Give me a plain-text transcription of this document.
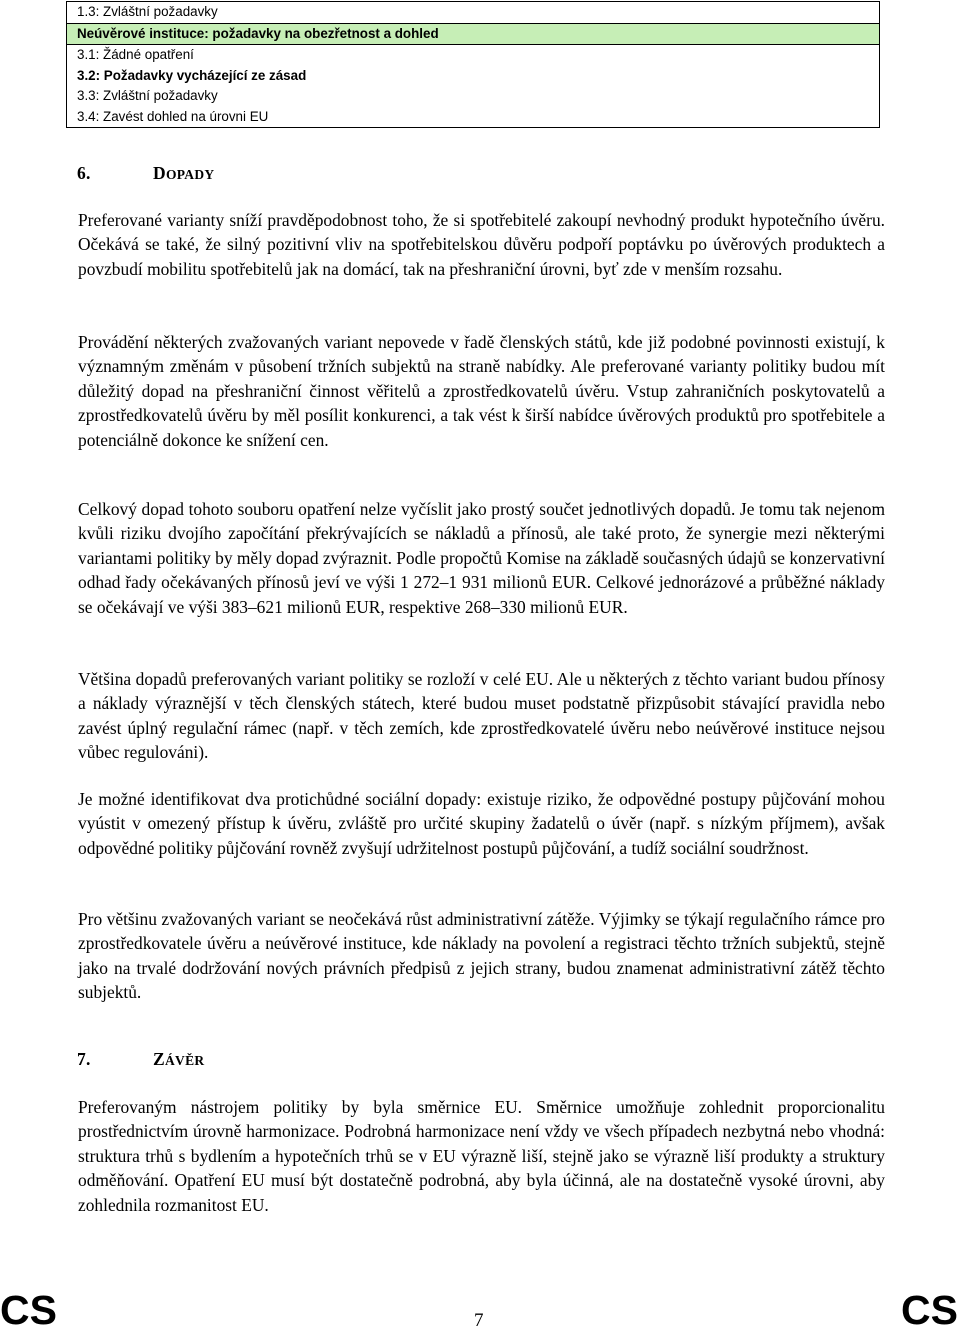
1.3: Zvláštní požadavky
Neúvěrové instituce: požadavky na obezřetnost a dohled
3.1: Žádné opatření
3.2: Požadavky vycházející ze zásad
3.3: Zvláštní požadavky
3.4: Zavést dohled na úrovni EU
6.	DOPADY

Preferované varianty sníží pravděpodobnost toho, že si spotřebitelé zakoupí nevhodný produkt hypotečního úvěru. Očekává se také, že silný pozitivní vliv na spotřebitelskou důvěru podpoří poptávku po úvěrových produktech a povzbudí mobilitu spotřebitelů jak na domácí, tak na přeshraniční úrovni, byť zde v menším rozsahu.

Provádění některých zvažovaných variant nepovede v řadě členských států, kde již podobné povinnosti existují, k významným změnám v působení tržních subjektů na straně nabídky. Ale preferované varianty politiky budou mít důležitý dopad na přeshraniční činnost věřitelů a zprostředkovatelů úvěru. Vstup zahraničních poskytovatelů a zprostředkovatelů úvěru by měl posílit konkurenci, a tak vést k širší nabídce úvěrových produktů pro spotřebitele a potenciálně dokonce ke snížení cen.

Celkový dopad tohoto souboru opatření nelze vyčíslit jako prostý součet jednotlivých dopadů. Je tomu tak nejenom kvůli riziku dvojího započítání překrývajících se nákladů a přínosů, ale také proto, že synergie mezi některými variantami politiky by měly dopad zvýraznit. Podle propočtů Komise na základě současných údajů se konzervativní odhad řady očekávaných přínosů jeví ve výši 1 272–1 931 milionů EUR. Celkové jednorázové a průběžné náklady se očekávají ve výši 383–621 milionů EUR, respektive 268–330 milionů EUR.

Většina dopadů preferovaných variant politiky se rozloží v celé EU. Ale u některých z těchto variant budou přínosy a náklady výraznější v těch členských státech, které budou muset podstatně přizpůsobit stávající pravidla nebo zavést úplný regulační rámec (např. v těch zemích, kde zprostředkovatelé úvěru nebo neúvěrové instituce nejsou vůbec regulováni).

Je možné identifikovat dva protichůdné sociální dopady: existuje riziko, že odpovědné postupy půjčování mohou vyústit v omezený přístup k úvěru, zvláště pro určité skupiny žadatelů o úvěr (např. s nízkým příjmem), avšak odpovědné politiky půjčování rovněž zvyšují udržitelnost postupů půjčování, a tudíž sociální soudržnost.

Pro většinu zvažovaných variant se neočekává růst administrativní zátěže. Výjimky se týkají regulačního rámce pro zprostředkovatele úvěru a neúvěrové instituce, kde náklady na povolení a registraci těchto tržních subjektů, stejně jako na trvalé dodržování nových právních předpisů z jejich strany, budou znamenat administrativní zátěž těchto subjektů.

7.	ZÁVĚR

Preferovaným nástrojem politiky by byla směrnice EU. Směrnice umožňuje zohlednit proporcionalitu prostřednictvím úrovně harmonizace. Podrobná harmonizace není vždy ve všech případech nezbytná nebo vhodná: struktura trhů s bydlením a hypotečních trhů se v EU výrazně liší, stejně jako se výrazně liší produkty a struktury odměňování. Opatření EU musí být dostatečně podrobná, aby byla účinná, ale na dostatečně vysoké úrovni, aby zohlednila rozmanitost EU.

CS	7	CS
